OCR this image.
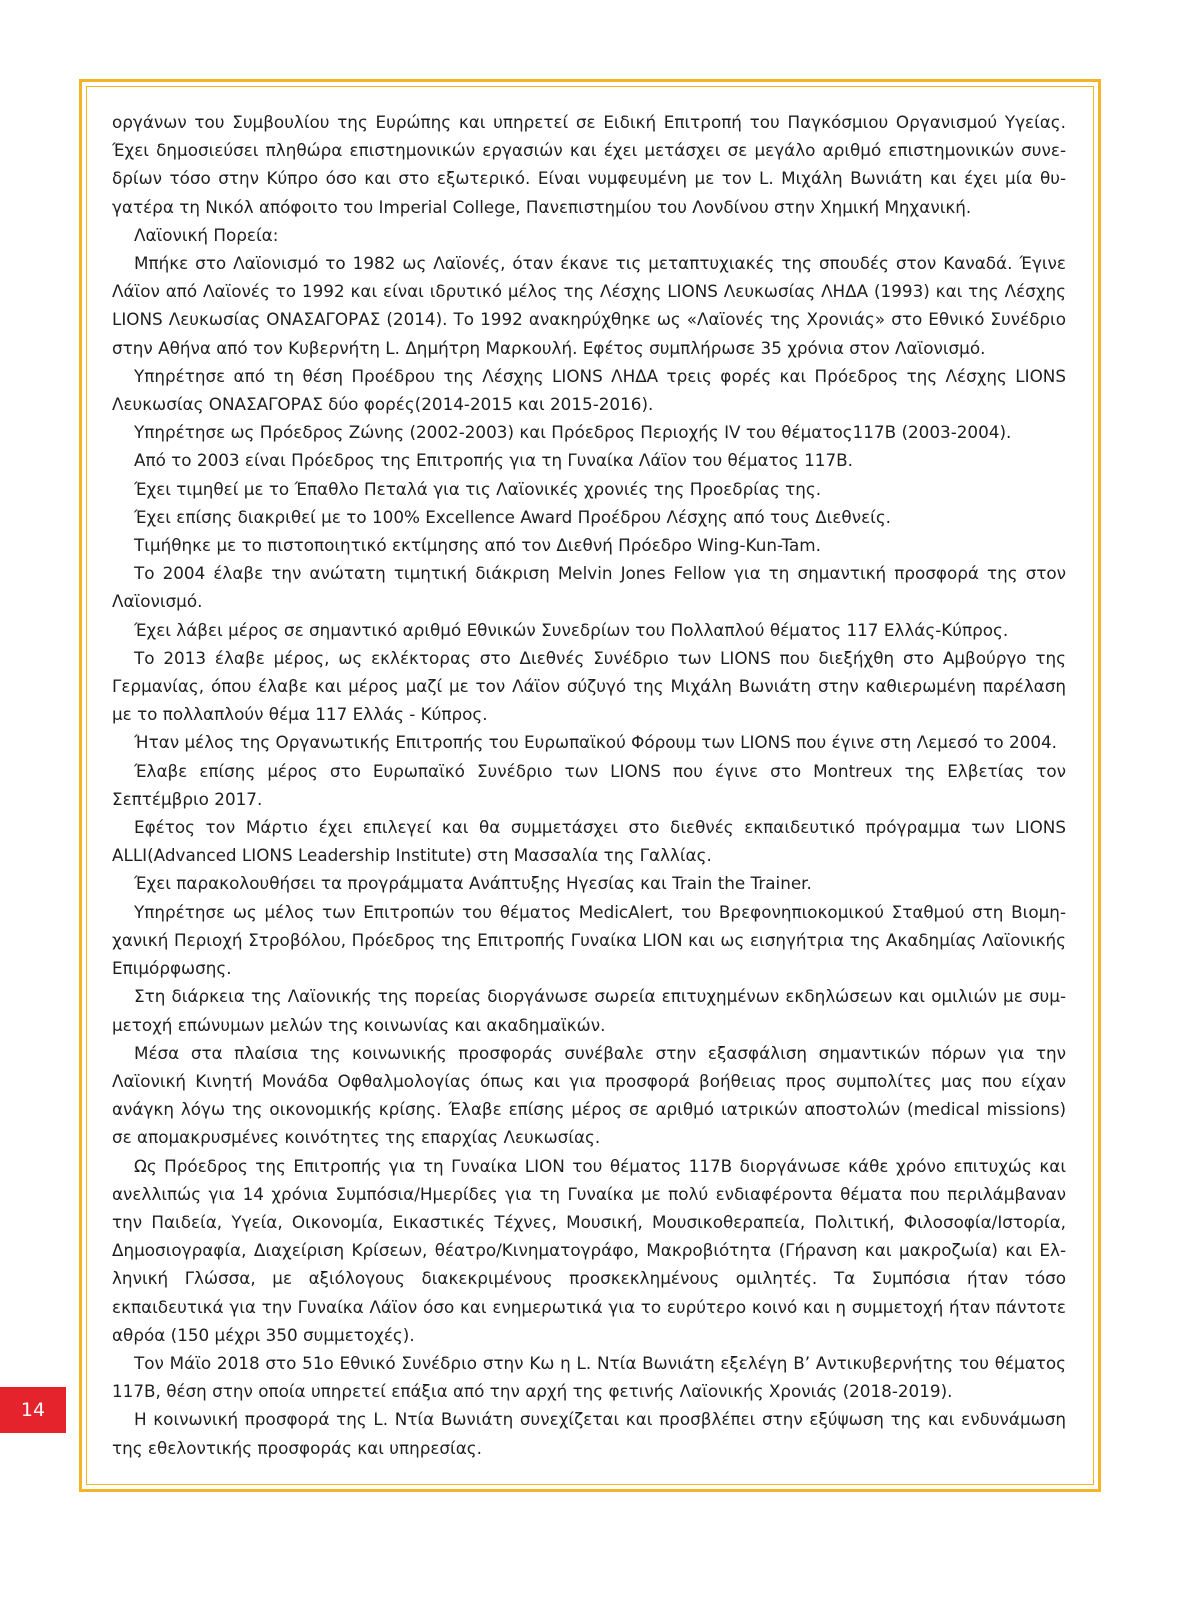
οργάνων του Συμβουλίου της Ευρώπης και υπηρετεί σε Ειδική Επιτροπή του Παγκόσμιου Οργανισμού Υγείας. Έχει δημοσιεύσει πληθώρα επιστημονικών εργασιών και έχει μετάσχει σε μεγάλο αριθμό επιστημονικών συνεδρίων τόσο στην Κύπρο όσο και στο εξωτερικό. Είναι νυμφευμένη με τον L. Μιχάλη Βωνιάτη και έχει μία θυγατέρα τη Νικόλ απόφοιτο του Imperial College, Πανεπιστημίου του Λονδίνου στην Χημική Μηχανική.

Λαϊονική Πορεία:

Μπήκε στο Λαϊονισμό το 1982 ως Λαϊονές, όταν έκανε τις μεταπτυχιακές της σπουδές στον Καναδά. Έγινε Λάϊον από Λαϊονές το 1992 και είναι ιδρυτικό μέλος της Λέσχης LIONS Λευκωσίας ΛΗΔΑ (1993) και της Λέσχης LIONS Λευκωσίας ΟΝΑΣΑΓΟΡΑΣ (2014). Το 1992 ανακηρύχθηκε ως «Λαϊονές της Χρονιάς» στο Εθνικό Συνέδριο στην Αθήνα από τον Κυβερνήτη L. Δημήτρη Μαρκουλή. Εφέτος συμπλήρωσε 35 χρόνια στον Λαϊονισμό.

Υπηρέτησε από τη θέση Προέδρου της Λέσχης LIONS ΛΗΔΑ τρεις φορές και Πρόεδρος της Λέσχης LIONS Λευκωσίας ΟΝΑΣΑΓΟΡΑΣ δύο φορές(2014-2015 και 2015-2016).

Υπηρέτησε ως Πρόεδρος Ζώνης (2002-2003) και Πρόεδρος Περιοχής IV του θέματος117Β (2003-2004).

Από το 2003 είναι Πρόεδρος της Επιτροπής για τη Γυναίκα Λάϊον του θέματος 117Β.

Έχει τιμηθεί με το Έπαθλο Πεταλά για τις Λαϊονικές χρονιές της Προεδρίας της.

Έχει επίσης διακριθεί με το 100% Excellence Award Προέδρου Λέσχης από τους Διεθνείς.

Τιμήθηκε με το πιστοποιητικό εκτίμησης από τον Διεθνή Πρόεδρο Wing-Kun-Tam.

Το 2004 έλαβε την ανώτατη τιμητική διάκριση Melvin Jones Fellow για τη σημαντική προσφορά της στον Λαϊονισμό.

Έχει λάβει μέρος σε σημαντικό αριθμό Εθνικών Συνεδρίων του Πολλαπλού θέματος 117 Ελλάς-Κύπρος.

Το 2013 έλαβε μέρος, ως εκλέκτορας στο Διεθνές Συνέδριο των LIONS που διεξήχθη στο Αμβούργο της Γερμανίας, όπου έλαβε και μέρος μαζί με τον Λάϊον σύζυγό της Μιχάλη Βωνιάτη στην καθιερωμένη παρέλαση με το πολλαπλούν θέμα 117 Ελλάς - Κύπρος.

Ήταν μέλος της Οργανωτικής Επιτροπής του Ευρωπαϊκού Φόρουμ των LIONS που έγινε στη Λεμεσό το 2004.

Έλαβε επίσης μέρος στο Ευρωπαϊκό Συνέδριο των LIONS που έγινε στο Montreux της Ελβετίας τον Σεπτέμβριο 2017.

Εφέτος τον Μάρτιο έχει επιλεγεί και θα συμμετάσχει στο διεθνές εκπαιδευτικό πρόγραμμα των LIONS ALLI(Advanced LIONS Leadership Institute) στη Μασσαλία της Γαλλίας.

Έχει παρακολουθήσει τα προγράμματα Ανάπτυξης Ηγεσίας και Train the Trainer.

Υπηρέτησε ως μέλος των Επιτροπών του θέματος MedicAlert, του Βρεφονηπιοκομικού Σταθμού στη Βιομηχανική Περιοχή Στροβόλου, Πρόεδρος της Επιτροπής Γυναίκα LION και ως εισηγήτρια της Ακαδημίας Λαϊονικής Επιμόρφωσης.

Στη διάρκεια της Λαϊονικής της πορείας διοργάνωσε σωρεία επιτυχημένων εκδηλώσεων και ομιλιών με συμμετοχή επώνυμων μελών της κοινωνίας και ακαδημαϊκών.

Μέσα στα πλαίσια της κοινωνικής προσφοράς συνέβαλε στην εξασφάλιση σημαντικών πόρων για την Λαϊονική Κινητή Μονάδα Οφθαλμολογίας όπως και για προσφορά βοήθειας προς συμπολίτες μας που είχαν ανάγκη λόγω της οικονομικής κρίσης. Έλαβε επίσης μέρος σε αριθμό ιατρικών αποστολών (medical missions) σε απομακρυσμένες κοινότητες της επαρχίας Λευκωσίας.

Ως Πρόεδρος της Επιτροπής για τη Γυναίκα LION του θέματος 117Β διοργάνωσε κάθε χρόνο επιτυχώς και ανελλιπώς για 14 χρόνια Συμπόσια/Ημερίδες για τη Γυναίκα με πολύ ενδιαφέροντα θέματα που περιλάμβαναν την Παιδεία, Υγεία, Οικονομία, Εικαστικές Τέχνες, Μουσική, Μουσικοθεραπεία, Πολιτική, Φιλοσοφία/Ιστορία, Δημοσιογραφία, Διαχείριση Κρίσεων, θέατρο/Κινηματογράφο, Μακροβιότητα (Γήρανση και μακροζωία) και Ελληνική Γλώσσα, με αξιόλογους διακεκριμένους προσκεκλημένους ομιλητές. Τα Συμπόσια ήταν τόσο εκπαιδευτικά για την Γυναίκα Λάϊον όσο και ενημερωτικά για το ευρύτερο κοινό και η συμμετοχή ήταν πάντοτε αθρόα (150 μέχρι 350 συμμετοχές).

Τον Μάϊο 2018 στο 51ο Εθνικό Συνέδριο στην Κω η L. Ντία Βωνιάτη εξελέγη Β’ Αντικυβερνήτης του θέματος 117Β, θέση στην οποία υπηρετεί επάξια από την αρχή της φετινής Λαϊονικής Χρονιάς (2018-2019).

Η κοινωνική προσφορά της L. Ντία Βωνιάτη συνεχίζεται και προσβλέπει στην εξύψωση της και ενδυνάμωση της εθελοντικής προσφοράς και υπηρεσίας.

14
